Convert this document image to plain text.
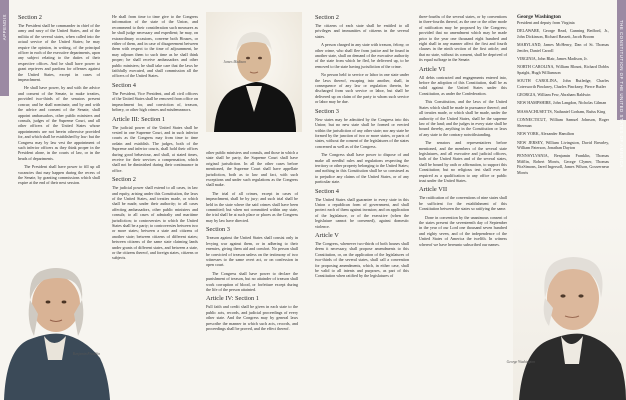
APPENDIX Section 2

The President shall be commander in chief of the army and navy of the United States, and of the militia of the several states, when called into the actual service of the United States; he may require the opinion, in writing, of the principal officer in each of the executive departments, upon any subject relating to the duties of their respective offices. And he shall have power to grant reprieves and pardons for offenses against the United States, except in cases of impeachment.

He shall have power, by and with the advice and consent of the Senate, to make treaties, provided two-thirds of the senators present concur; and he shall nominate, and by and with the advice and consent of the Senate, shall appoint ambassadors, other public ministers and consuls, judges of the Supreme Court, and all other officers of the United States whose appointments are not herein otherwise provided for, and which shall be established by law: but the Congress may by law vest the appointment of such inferior officers as they think proper in the President alone, in the courts of law, or in the heads of departments.

The President shall have power to fill up all vacancies that may happen during the recess of the Senate, by granting commissions which shall expire at the end of their next session.

He shall from time to time give to the Congress information of the state of the Union, and recommend to their consideration such measures as he shall judge necessary and expedient; he may, on extraordinary occasions, convene both Houses, or either of them, and in case of disagreement between them with respect to the time of adjournment, he may adjourn them to such time as he shall think proper; he shall receive ambassadors and other public ministers; he shall take care that the laws be faithfully executed, and shall commission all the officers of the United States.

Section 4

The President, Vice President, and all civil officers of the United States shall be removed from office on impeachment for, and conviction of, treason, bribery, or other high crimes and misdemeanors.

Article III: Section 1

The judicial power of the United States shall be vested in one Supreme Court, and in such inferior courts as the Congress may from time to time ordain and establish. The judges, both of the Supreme and inferior courts, shall hold their offices during good behaviour, and shall, at stated times, receive for their services a compensation, which shall not be diminished during their continuance in office.

Section 2

The judicial power shall extend to all cases, in law and equity, arising under this Constitution, the laws of the United States, and treaties made, or which shall be made, under their authority; to all cases affecting ambassadors, other public ministers and consuls; to all cases of admiralty and maritime jurisdiction; to controversies to which the United States shall be a party; to controversies between two or more states; between a state and citizens of another state; between citizens of different states; between citizens of the same state claiming lands under grants of different states, and between a state, or the citizens thereof, and foreign states, citizens or subjects.

other public ministers and consuls, and those in which a state shall be party, the Supreme Court shall have original jurisdiction. In all the other cases before mentioned, the Supreme Court shall have appellate jurisdiction, both as to law and fact, with such exceptions and under such regulations as the Congress shall make.

The trial of all crimes, except in cases of impeachment, shall be by jury; and such trial shall be held in the state where the said crimes shall have been committed; but when not committed within any state, the trial shall be at such place or places as the Congress may by law have directed.

Section 3

Treason against the United States shall consist only in levying war against them, or in adhering to their enemies, giving them aid and comfort. No person shall be convicted of treason unless on the testimony of two witnesses to the same overt act, or on confession in open court.

The Congress shall have power to declare the punishment of treason, but no attainder of treason shall work corruption of blood, or forfeiture except during the life of the person attainted.

Article IV: Section 1

Full faith and credit shall be given in each state to the public acts, records, and judicial proceedings of every other state. And the Congress may by general laws prescribe the manner in which such acts, records, and proceedings shall be proved, and the effect thereof.

James Madison
Benjamin Franklin
THE CONSTITUTION OF THE UNITED STATES OF AMERICA
Section 2

The citizens of each state shall be entitled to all privileges and immunities of citizens in the several states.

A person charged in any state with treason, felony, or other crime, who shall flee from justice and be found in another state, shall on demand of the executive authority of the state from which he fled, be delivered up, to be removed to the state having jurisdiction of the crime.

No person held to service or labor in one state under the laws thereof, escaping into another, shall, in consequence of any law or regulation therein, be discharged from such service or labor, but shall be delivered up on claim of the party to whom such service or labor may be due.

Section 3

New states may be admitted by the Congress into this Union; but no new state shall be formed or erected within the jurisdiction of any other state; nor any state be formed by the junction of two or more states, or parts of states, without the consent of the legislatures of the states concerned as well as of the Congress.

The Congress shall have power to dispose of and make all needful rules and regulations respecting the territory or other property belonging to the United States; and nothing in this Constitution shall be so construed as to prejudice any claims of the United States, or of any particular state.

Section 4

The United States shall guarantee to every state in this Union a republican form of government, and shall protect each of them against invasion; and on application of the legislature, or of the executive (when the legislature cannot be convened), against domestic violence.

Article V

The Congress, whenever two-thirds of both houses shall deem it necessary, shall propose amendments to this Constitution, or, on the application of the legislatures of two-thirds of the several states, shall call a convention for proposing amendments, which, in either case, shall be valid to all intents and purposes, as part of this Constitution when ratified by the legislatures of

three-fourths of the several states, or by conventions in three-fourths thereof, as the one or the other mode of ratification may be proposed by the Congress; provided that no amendment which may be made prior to the year one thousand eight hundred and eight shall in any manner affect the first and fourth clauses in the ninth section of the first article; and that no state, without its consent, shall be deprived of its equal suffrage in the Senate.

Article VI

All debts contracted and engagements entered into, before the adoption of this Constitution, shall be as valid against the United States under this Constitution, as under the Confederation.

This Constitution, and the laws of the United States which shall be made in pursuance thereof; and all treaties made, or which shall be made, under the authority of the United States, shall be the supreme law of the land; and the judges in every state shall be bound thereby, anything in the Constitution or laws of any state to the contrary notwithstanding.

The senators and representatives before mentioned, and the members of the several state legislatures, and all executive and judicial officers, both of the United States and of the several states, shall be bound by oath or affirmation, to support this Constitution; but no religious test shall ever be required as a qualification to any office or public trust under the United States.

Article VII

The ratification of the conventions of nine states shall be sufficient for the establishment of this Constitution between the states so ratifying the same.

Done in convention by the unanimous consent of the states present the seventeenth day of September in the year of our Lord one thousand seven hundred and eighty seven, and of the independence of the United States of America the twelfth. In witness whereof we have hereunto subscribed our names.

George Washington
President and deputy from Virginia

DELAWARE, George Read, Gunning Bedford, Jr., John Dickinson, Richard Bassett, Jacob Broom

MARYLAND, James McHenry, Dan of St. Thomas Jenifer, Daniel Carroll

VIRGINIA, John Blair, James Madison, Jr.

NORTH CAROLINA, William Blount, Richard Dobbs Spaight, Hugh Williamson

SOUTH CAROLINA, John Rutledge, Charles Cotesworth Pinckney, Charles Pinckney, Pierce Butler

GEORGIA, William Few, Abraham Baldwin

NEW HAMPSHIRE, John Langdon, Nicholas Gilman

MASSACHUSETTS, Nathaniel Gorham, Rufus King

CONNECTICUT, William Samuel Johnson, Roger Sherman

NEW YORK, Alexander Hamilton

NEW JERSEY, William Livingston, David Brearley, William Paterson, Jonathan Dayton

PENNSYLVANIA, Benjamin Franklin, Thomas Mifflin, Robert Morris, George Clymer, Thomas FitzSimons, Jared Ingersoll, James Wilson, Gouverneur Morris

George Washington
